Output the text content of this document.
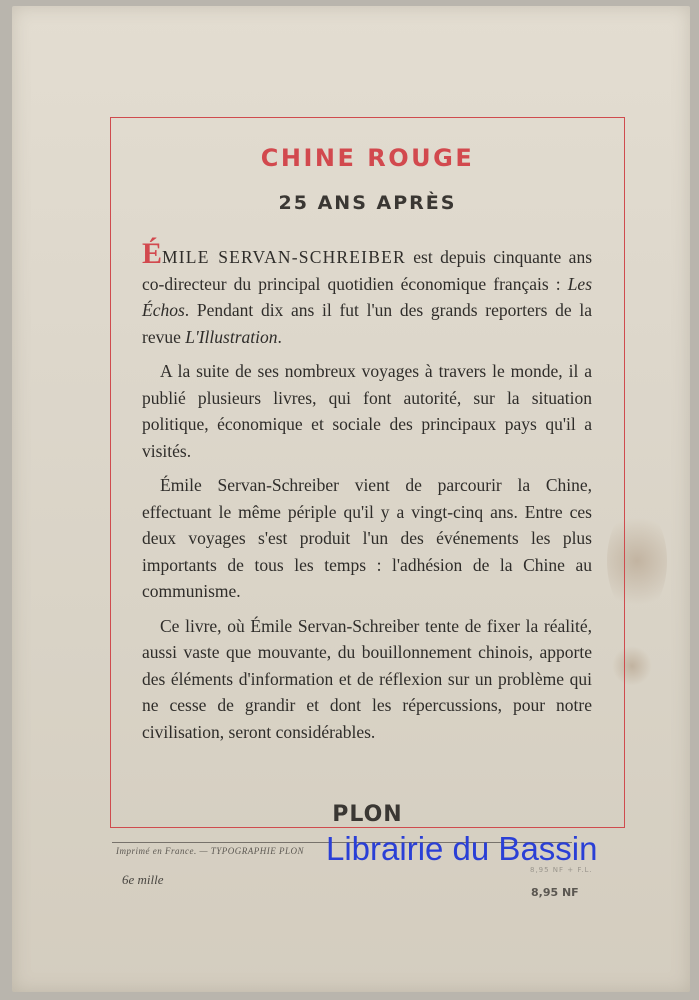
CHINE ROUGE
25 ANS APRÈS

ÉMILE SERVAN-SCHREIBER est depuis cinquante ans co-directeur du principal quotidien économique français : Les Échos. Pendant dix ans il fut l'un des grands reporters de la revue L'Illustration.

A la suite de ses nombreux voyages à travers le monde, il a publié plusieurs livres, qui font autorité, sur la situation politique, économique et sociale des principaux pays qu'il a visités.

Émile Servan-Schreiber vient de parcourir la Chine, effectuant le même périple qu'il y a vingt-cinq ans. Entre ces deux voyages s'est produit l'un des événements les plus importants de tous les temps : l'adhésion de la Chine au communisme.

Ce livre, où Émile Servan-Schreiber tente de fixer la réalité, aussi vaste que mouvante, du bouillonnement chinois, apporte des éléments d'information et de réflexion sur un problème qui ne cesse de grandir et dont les répercussions, pour notre civilisation, seront considérables.

PLON
Imprimé en France. — TYPOGRAPHIE PLON
6e mille
8,95 NF + F.L.
8,95 NF
Librairie du Bassin
